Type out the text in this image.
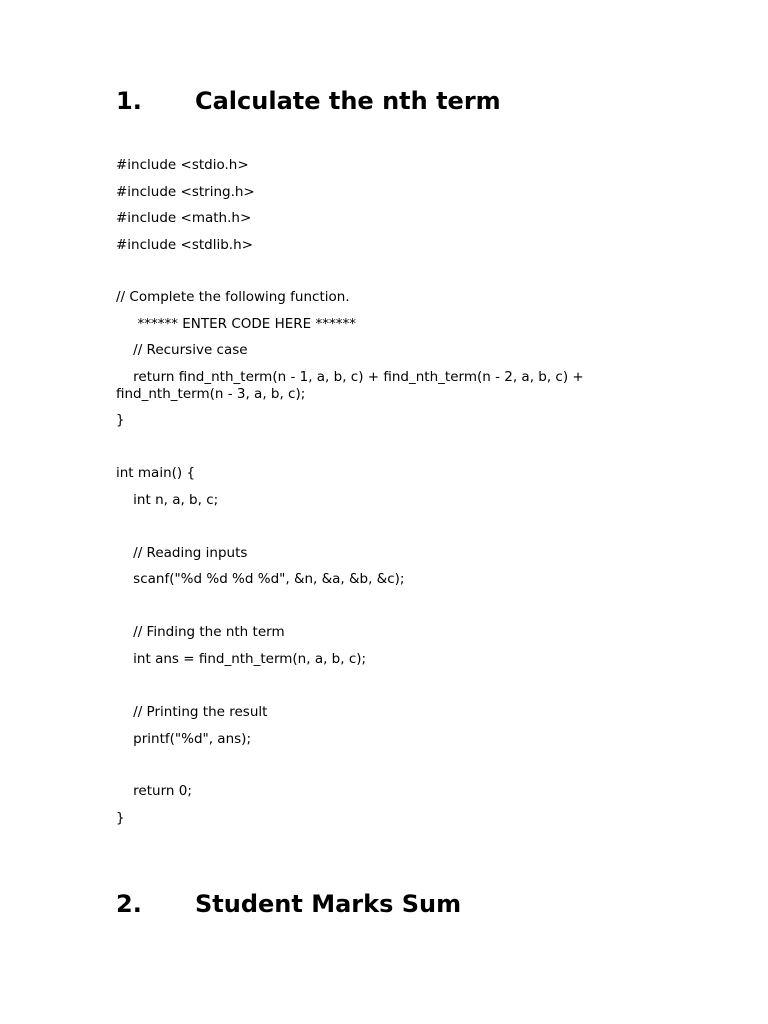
1. Calculate the nth term
#include <stdio.h>
#include <string.h>
#include <math.h>
#include <stdlib.h>
// Complete the following function.
****** ENTER CODE HERE ******
// Recursive case
return find_nth_term(n - 1, a, b, c) + find_nth_term(n - 2, a, b, c) + find_nth_term(n - 3, a, b, c);
}
int main() {
int n, a, b, c;
// Reading inputs
scanf("%d %d %d %d", &n, &a, &b, &c);
// Finding the nth term
int ans = find_nth_term(n, a, b, c);
// Printing the result
printf("%d", ans);
return 0;
}
2. Student Marks Sum
